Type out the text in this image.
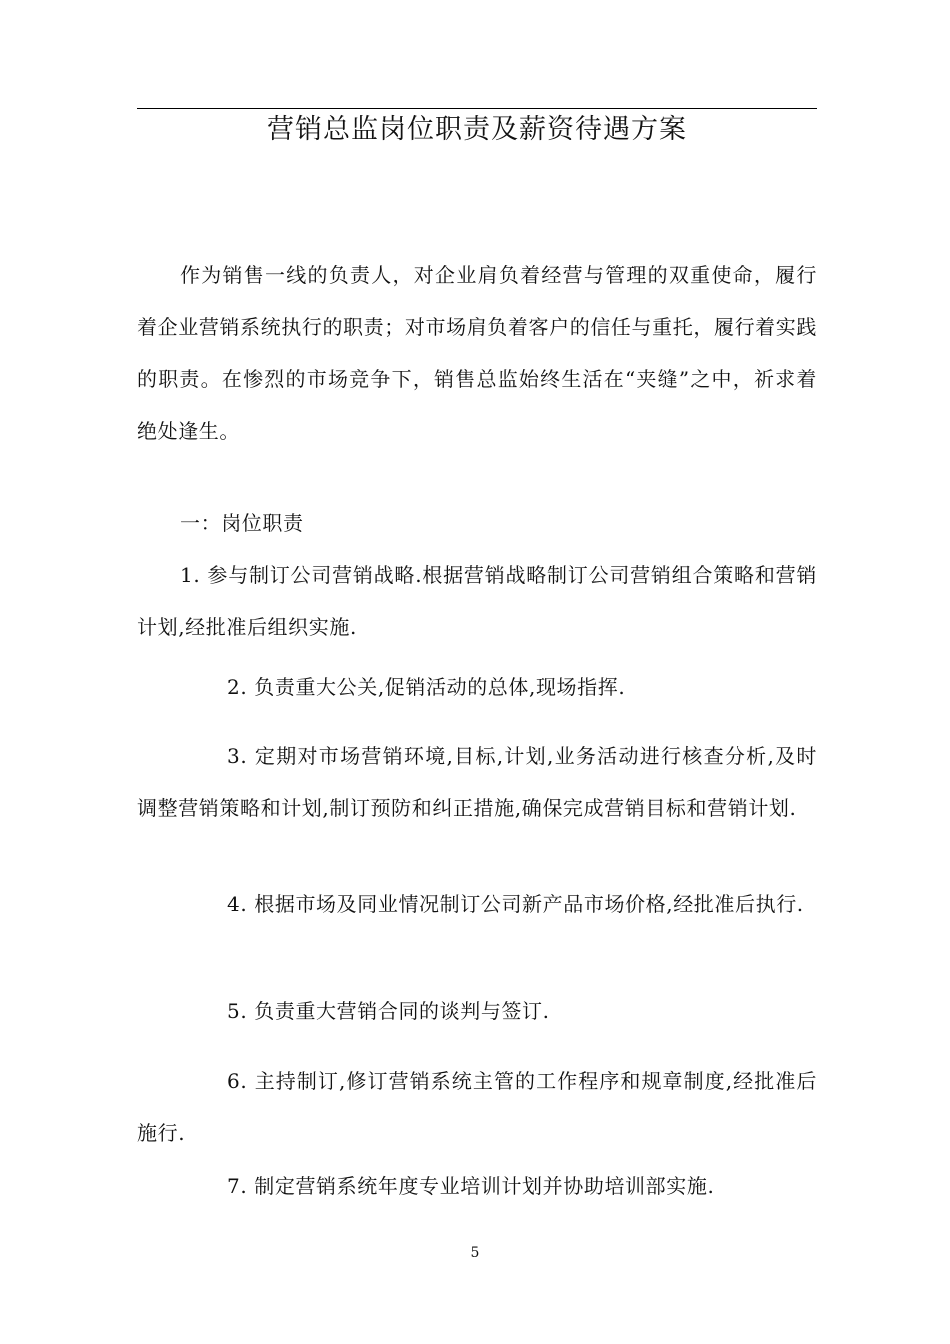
营销总监岗位职责及薪资待遇方案

作为销售一线的负责人，对企业肩负着经营与管理的双重使命，履行着企业营销系统执行的职责；对市场肩负着客户的信任与重托，履行着实践的职责。在惨烈的市场竞争下，销售总监始终生活在“夹缝”之中，祈求着绝处逢生。

一：岗位职责

1. 参与制订公司营销战略.根据营销战略制订公司营销组合策略和营销计划,经批准后组织实施.

2. 负责重大公关,促销活动的总体,现场指挥.

3. 定期对市场营销环境,目标,计划,业务活动进行核查分析,及时调整营销策略和计划,制订预防和纠正措施,确保完成营销目标和营销计划.

4. 根据市场及同业情况制订公司新产品市场价格,经批准后执行.

5. 负责重大营销合同的谈判与签订.

6. 主持制订,修订营销系统主管的工作程序和规章制度,经批准后施行.

7. 制定营销系统年度专业培训计划并协助培训部实施.

5
